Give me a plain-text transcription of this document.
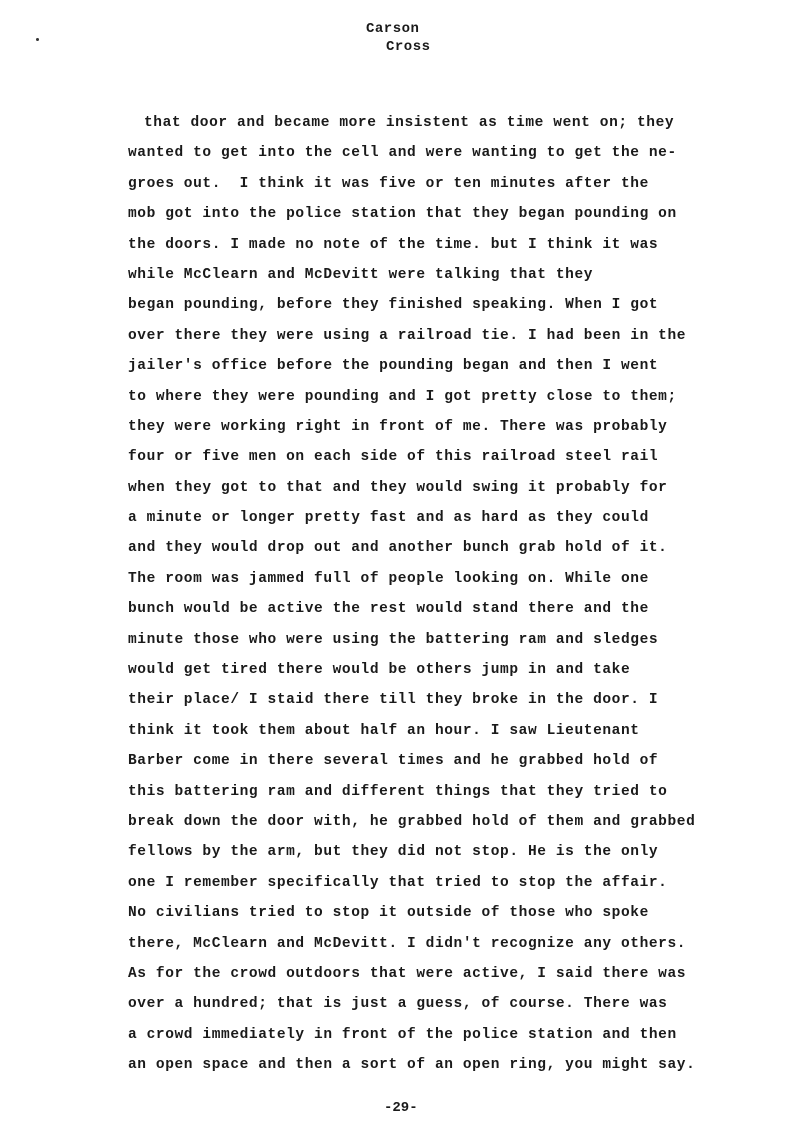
Carson
Cross
that door and became more insistent as time went on; they
wanted to get into the cell and were wanting to get the ne-
groes out.  I think it was five or ten minutes after the
mob got into the police station that they began pounding on
the doors. I made no note of the time. but I think it was
while McClearn and McDevitt were talking that they
began pounding, before they finished speaking. When I got
over there they were using a railroad tie. I had been in the
jailer's office before the pounding began and then I went
to where they were pounding and I got pretty close to them;
they were working right in front of me. There was probably
four or five men on each side of this railroad steel rail
when they got to that and they would swing it probably for
a minute or longer pretty fast and as hard as they could
and they would drop out and another bunch grab hold of it.
The room was jammed full of people looking on. While one
bunch would be active the rest would stand there and the
minute those who were using the battering ram and sledges
would get tired there would be others jump in and take
their place/ I staid there till they broke in the door. I
think it took them about half an hour. I saw Lieutenant
Barber come in there several times and he grabbed hold of
this battering ram and different things that they tried to
break down the door with, he grabbed hold of them and grabbed
fellows by the arm, but they did not stop. He is the only
one I remember specifically that tried to stop the affair.
No civilians tried to stop it outside of those who spoke
there, McClearn and McDevitt. I didn't recognize any others.
As for the crowd outdoors that were active, I said there was
over a hundred; that is just a guess, of course. There was
a crowd immediately in front of the police station and then
an open space and then a sort of an open ring, you might say.
-29-
